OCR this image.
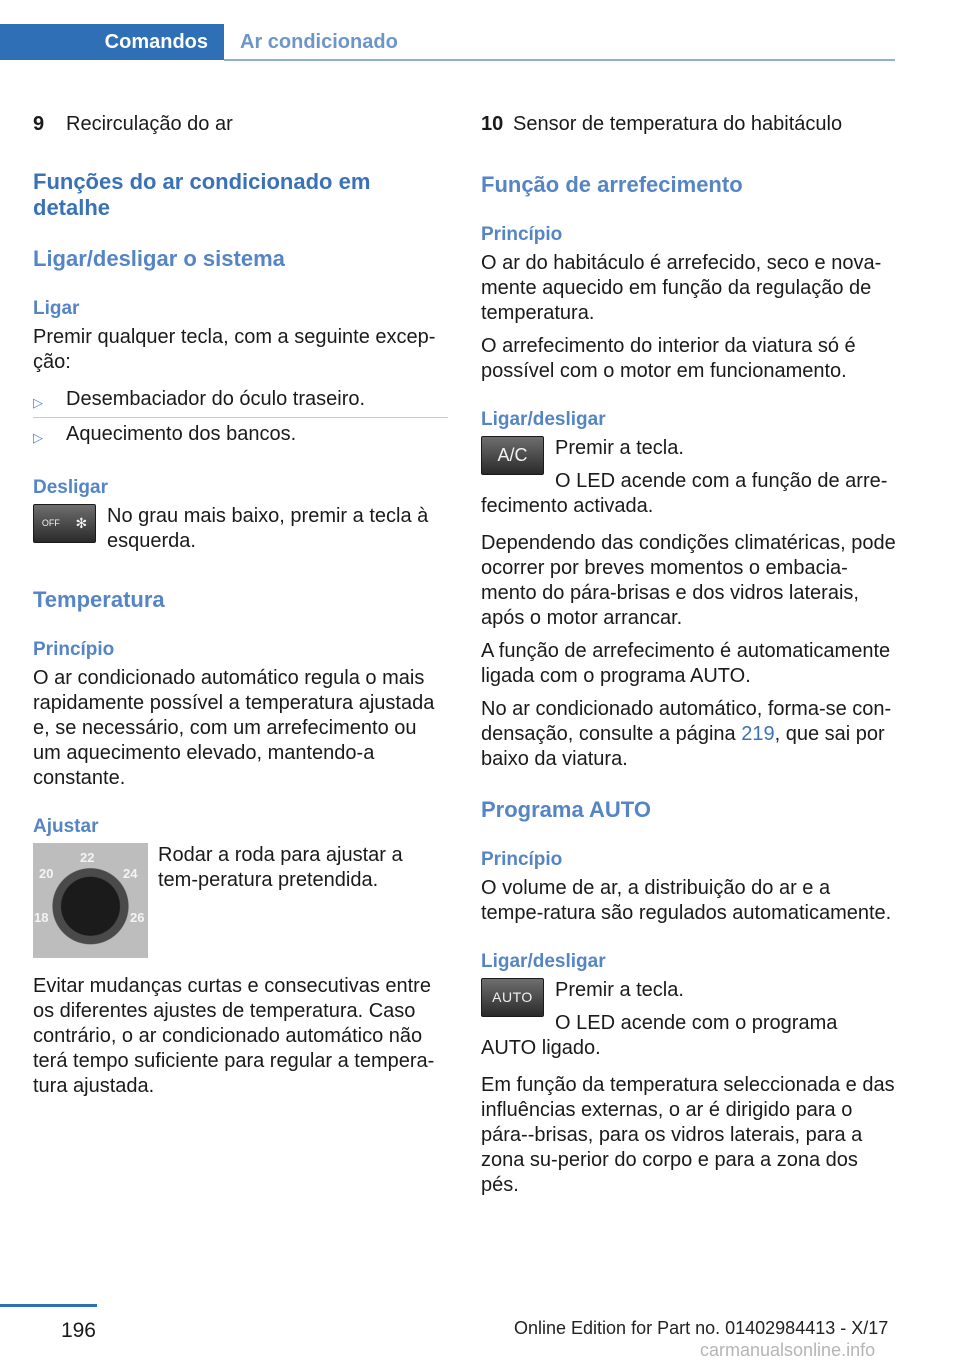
Comandos	Ar condicionado
9	Recirculação do ar
Funções do ar condicionado em detalhe
Ligar/desligar o sistema
Ligar

Premir qualquer tecla, com a seguinte excep‐ção:

▷ Desembaciador do óculo traseiro.
▷ Aquecimento dos bancos.
Desligar
OFF ✻ No grau mais baixo, premir a tecla à esquerda.

Temperatura
Princípio

O ar condicionado automático regula o mais rapidamente possível a temperatura ajustada e, se necessário, com um arrefecimento ou um aquecimento elevado, mantendo-a constante.

Ajustar
22
20	24
18	26

Rodar a roda para ajustar a tem‐peratura pretendida.

Evitar mudanças curtas e consecutivas entre os diferentes ajustes de temperatura. Caso contrário, o ar condicionado automático não terá tempo suficiente para regular a tempera‐tura ajustada.

10 Sensor de temperatura do habitáculo
Função de arrefecimento
Princípio

O ar do habitáculo é arrefecido, seco e nova‐mente aquecido em função da regulação de temperatura.

O arrefecimento do interior da viatura só é possível com o motor em funcionamento.

Ligar/desligar
A/C	Premir a tecla.

O LED acende com a função de arre‐fecimento activada.

Dependendo das condições climatéricas, pode ocorrer por breves momentos o embacia‐mento do pára-brisas e dos vidros laterais, após o motor arrancar.

A função de arrefecimento é automaticamente ligada com o programa AUTO.

No ar condicionado automático, forma-se con‐densação, consulte a página 219, que sai por baixo da viatura.

Programa AUTO
Princípio

O volume de ar, a distribuição do ar e a tempe‐ratura são regulados automaticamente.

Ligar/desligar
AUTO	Premir a tecla.

O LED acende com o programa AUTO ligado.

Em função da temperatura seleccionada e das influências externas, o ar é dirigido para o pára‐-brisas, para os vidros laterais, para a zona su‐perior do corpo e para a zona dos pés.

196	Online Edition for Part no. 01402984413 - X/17
carmanualsonline.info
